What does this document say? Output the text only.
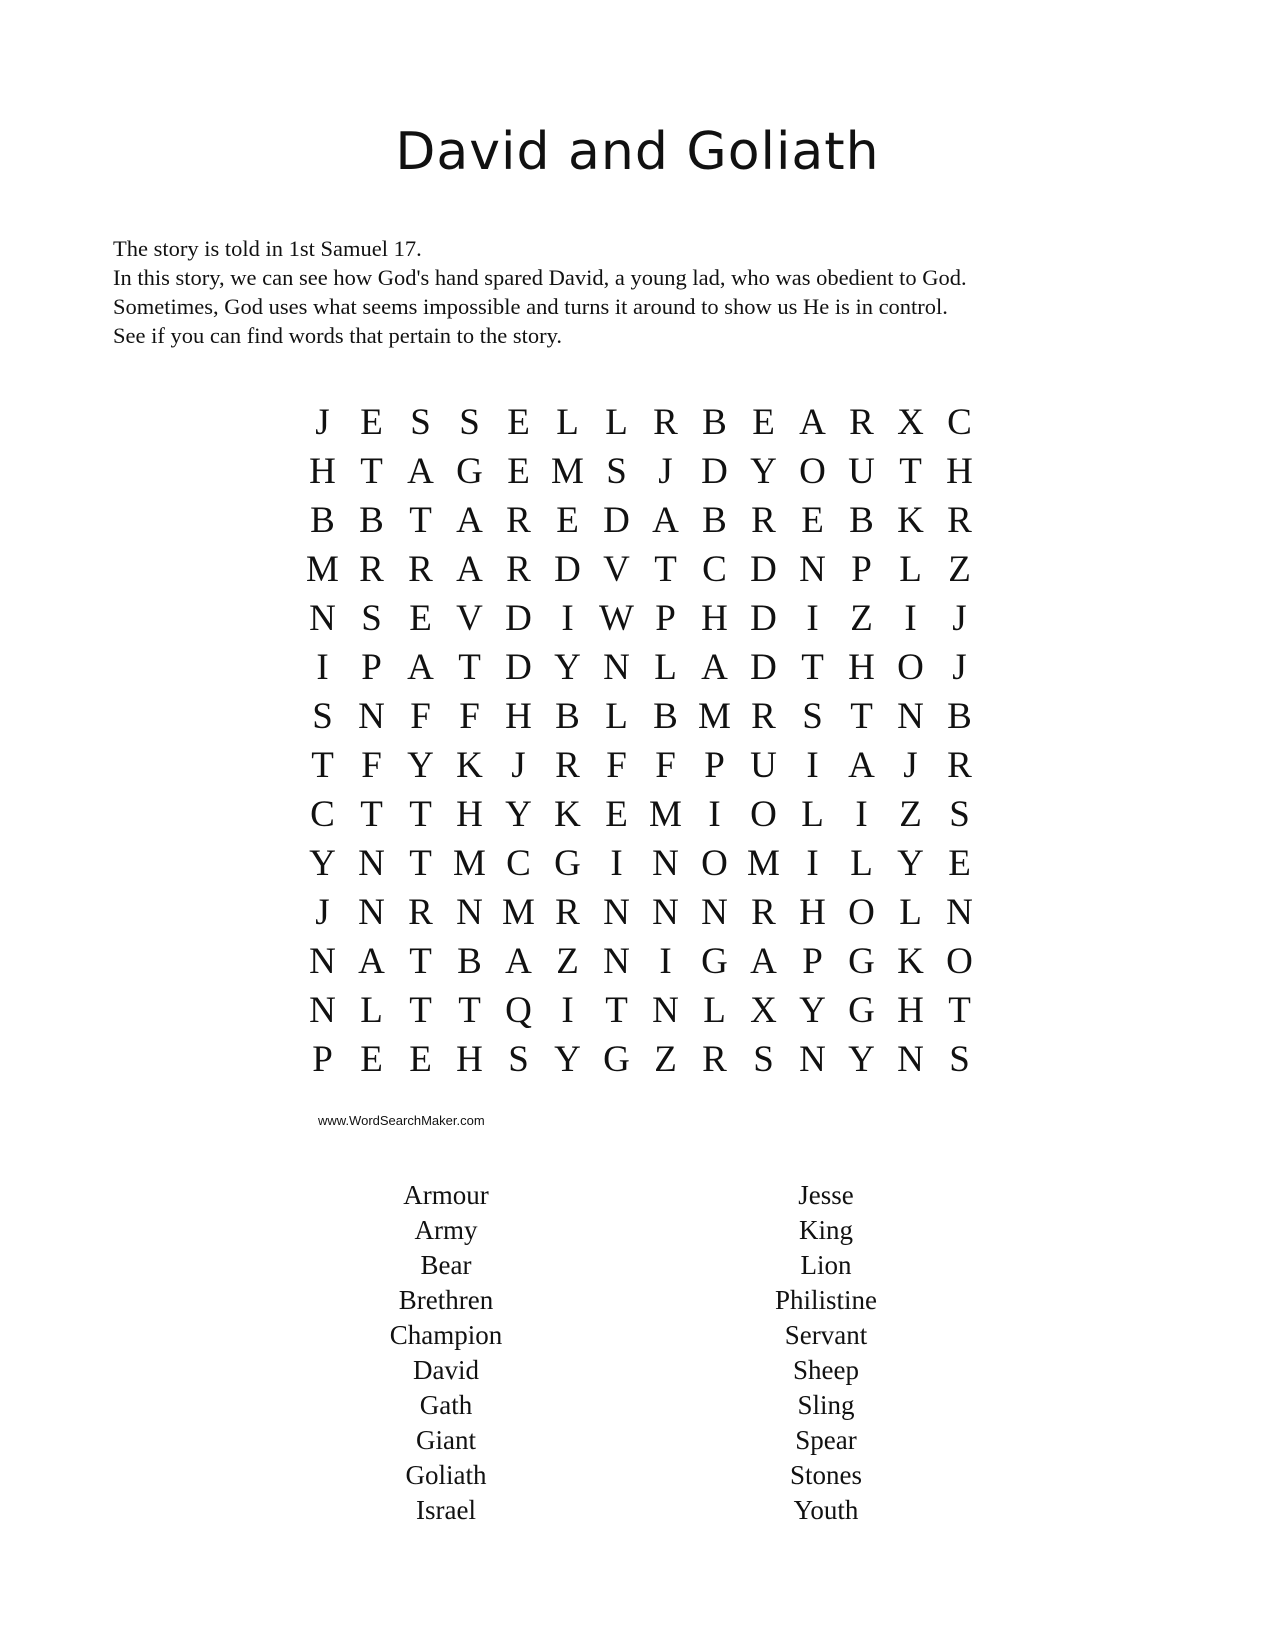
David and Goliath
The story is told in 1st Samuel 17.
In this story, we can see how God's hand spared David, a young lad, who was obedient to God.
Sometimes, God uses what seems impossible and turns it around to show us He is in control.
See if you can find words that pertain to the story.
J E S S E L L R B E A R X C
H T A G E M S J D Y O U T H
B B T A R E D A B R E B K R
M R R A R D V T C D N P L Z
N S E V D I W P H D I Z I J
I P A T D Y N L A D T H O J
S N F F H B L B M R S T N B
T F Y K J R F F P U I A J R
C T T H Y K E M I O L I Z S
Y N T M C G I N O M I L Y E
J N R N M R N N N R H O L N
N A T B A Z N I G A P G K O
N L T T Q I T N L X Y G H T
P E E H S Y G Z R S N Y N S
www.WordSearchMaker.com
Armour
Army
Bear
Brethren
Champion
David
Gath
Giant
Goliath
Israel
Jesse
King
Lion
Philistine
Servant
Sheep
Sling
Spear
Stones
Youth
